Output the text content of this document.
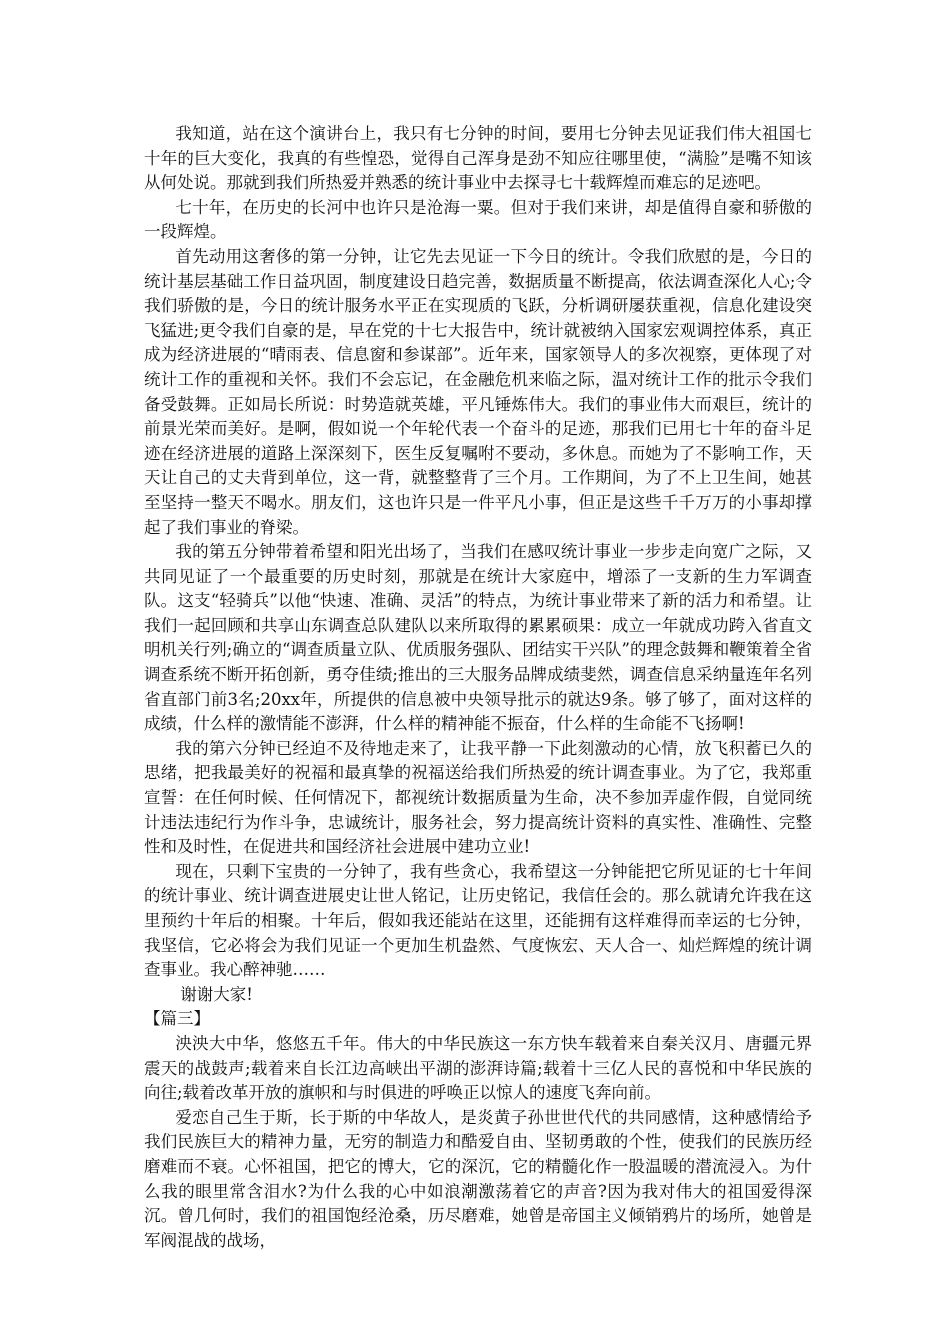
我知道，站在这个演讲台上，我只有七分钟的时间，要用七分钟去见证我们伟大祖国七十年的巨大变化，我真的有些惶恐，觉得自己浑身是劲不知应往哪里使，“满脸”是嘴不知该从何处说。那就到我们所热爱并熟悉的统计事业中去探寻七十载辉煌而难忘的足迹吧。

七十年，在历史的长河中也许只是沧海一粟。但对于我们来讲，却是值得自豪和骄傲的一段辉煌。

首先动用这奢侈的第一分钟，让它先去见证一下今日的统计。令我们欣慰的是，今日的统计基层基础工作日益巩固，制度建设日趋完善，数据质量不断提高，依法调查深化人心;令我们骄傲的是，今日的统计服务水平正在实现质的飞跃，分析调研屡获重视，信息化建设突飞猛进;更令我们自豪的是，早在党的十七大报告中，统计就被纳入国家宏观调控体系，真正成为经济进展的“晴雨表、信息窗和参谋部”。近年来，国家领导人的多次视察，更体现了对统计工作的重视和关怀。我们不会忘记，在金融危机来临之际，温对统计工作的批示令我们备受鼓舞。正如局长所说：时势造就英雄，平凡锤炼伟大。我们的事业伟大而艰巨，统计的前景光荣而美好。是啊，假如说一个年轮代表一个奋斗的足迹，那我们已用七十年的奋斗足迹在经济进展的道路上深深刻下，医生反复嘱咐不要动，多休息。而她为了不影响工作，天天让自己的丈夫背到单位，这一背，就整整背了三个月。工作期间，为了不上卫生间，她甚至坚持一整天不喝水。朋友们，这也许只是一件平凡小事，但正是这些千千万万的小事却撑起了我们事业的脊梁。

我的第五分钟带着希望和阳光出场了，当我们在感叹统计事业一步步走向宽广之际，又共同见证了一个最重要的历史时刻，那就是在统计大家庭中，增添了一支新的生力军调查队。这支“轻骑兵”以他“快速、准确、灵活”的特点，为统计事业带来了新的活力和希望。让我们一起回顾和共享山东调查总队建队以来所取得的累累硕果：成立一年就成功跨入省直文明机关行列;确立的“调查质量立队、优质服务强队、团结实干兴队”的理念鼓舞和鞭策着全省调查系统不断开拓创新，勇夺佳绩;推出的三大服务品牌成绩斐然，调查信息采纳量连年名列省直部门前3名;20xx年，所提供的信息被中央领导批示的就达9条。够了够了，面对这样的成绩，什么样的激情能不澎湃，什么样的精神能不振奋，什么样的生命能不飞扬啊!

我的第六分钟已经迫不及待地走来了，让我平静一下此刻激动的心情，放飞积蓄已久的思绪，把我最美好的祝福和最真挚的祝福送给我们所热爱的统计调查事业。为了它，我郑重宣誓：在任何时候、任何情况下，都视统计数据质量为生命，决不参加弄虚作假，自觉同统计违法违纪行为作斗争，忠诚统计，服务社会，努力提高统计资料的真实性、准确性、完整性和及时性，在促进共和国经济社会进展中建功立业!

现在，只剩下宝贵的一分钟了，我有些贪心，我希望这一分钟能把它所见证的七十年间的统计事业、统计调查进展史让世人铭记，让历史铭记，我信任会的。那么就请允许我在这里预约十年后的相聚。十年后，假如我还能站在这里，还能拥有这样难得而幸运的七分钟，我坚信，它必将会为我们见证一个更加生机盎然、气度恢宏、天人合一、灿烂辉煌的统计调查事业。我心醉神驰……

谢谢大家!

【篇三】

泱泱大中华，悠悠五千年。伟大的中华民族这一东方快车载着来自秦关汉月、唐疆元界震天的战鼓声;载着来自长江边高峡出平湖的澎湃诗篇;载着十三亿人民的喜悦和中华民族的向往;载着改革开放的旗帜和与时俱进的呼唤正以惊人的速度飞奔向前。

爱恋自己生于斯，长于斯的中华故人，是炎黄子孙世世代代的共同感情，这种感情给予我们民族巨大的精神力量，无穷的制造力和酷爱自由、坚韧勇敢的个性，使我们的民族历经磨难而不衰。心怀祖国，把它的博大，它的深沉，它的精髓化作一股温暖的潜流浸入。为什么我的眼里常含泪水?为什么我的心中如浪潮激荡着它的声音?因为我对伟大的祖国爱得深沉。曾几何时，我们的祖国饱经沧桑，历尽磨难，她曾是帝国主义倾销鸦片的场所，她曾是军阀混战的战场，
